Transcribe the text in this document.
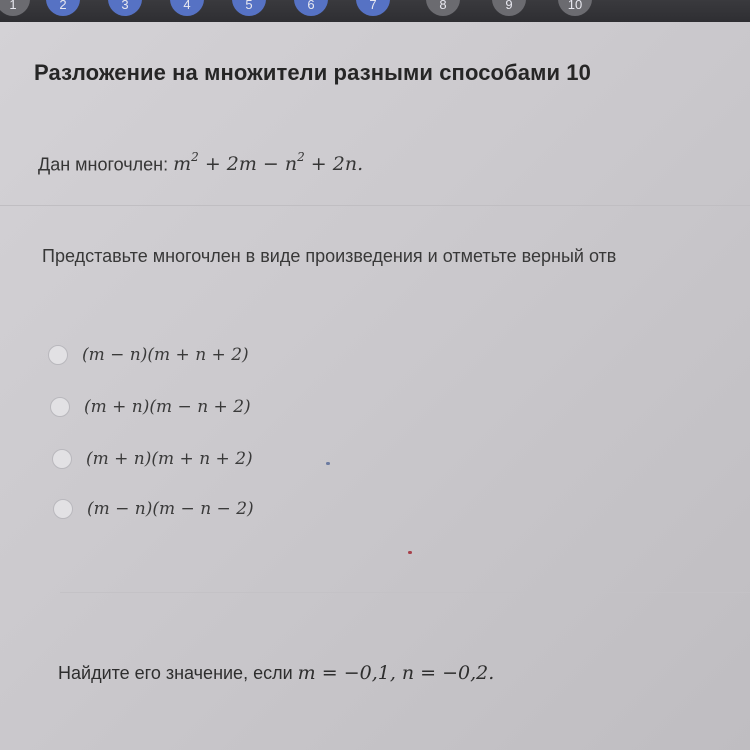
1	2	3	4	5	6	7	8	9	10
Разложение на множители разными способами 10
Дан многочлен: $m^2 + 2m - n^2 + 2n$.
Представьте многочлен в виде произведения и отметьте верный отв
(m − n)(m + n + 2)
(m + n)(m − n + 2)
(m + n)(m + n + 2)
(m − n)(m − n − 2)
Найдите его значение, если m = −0,1, n = −0,2.
